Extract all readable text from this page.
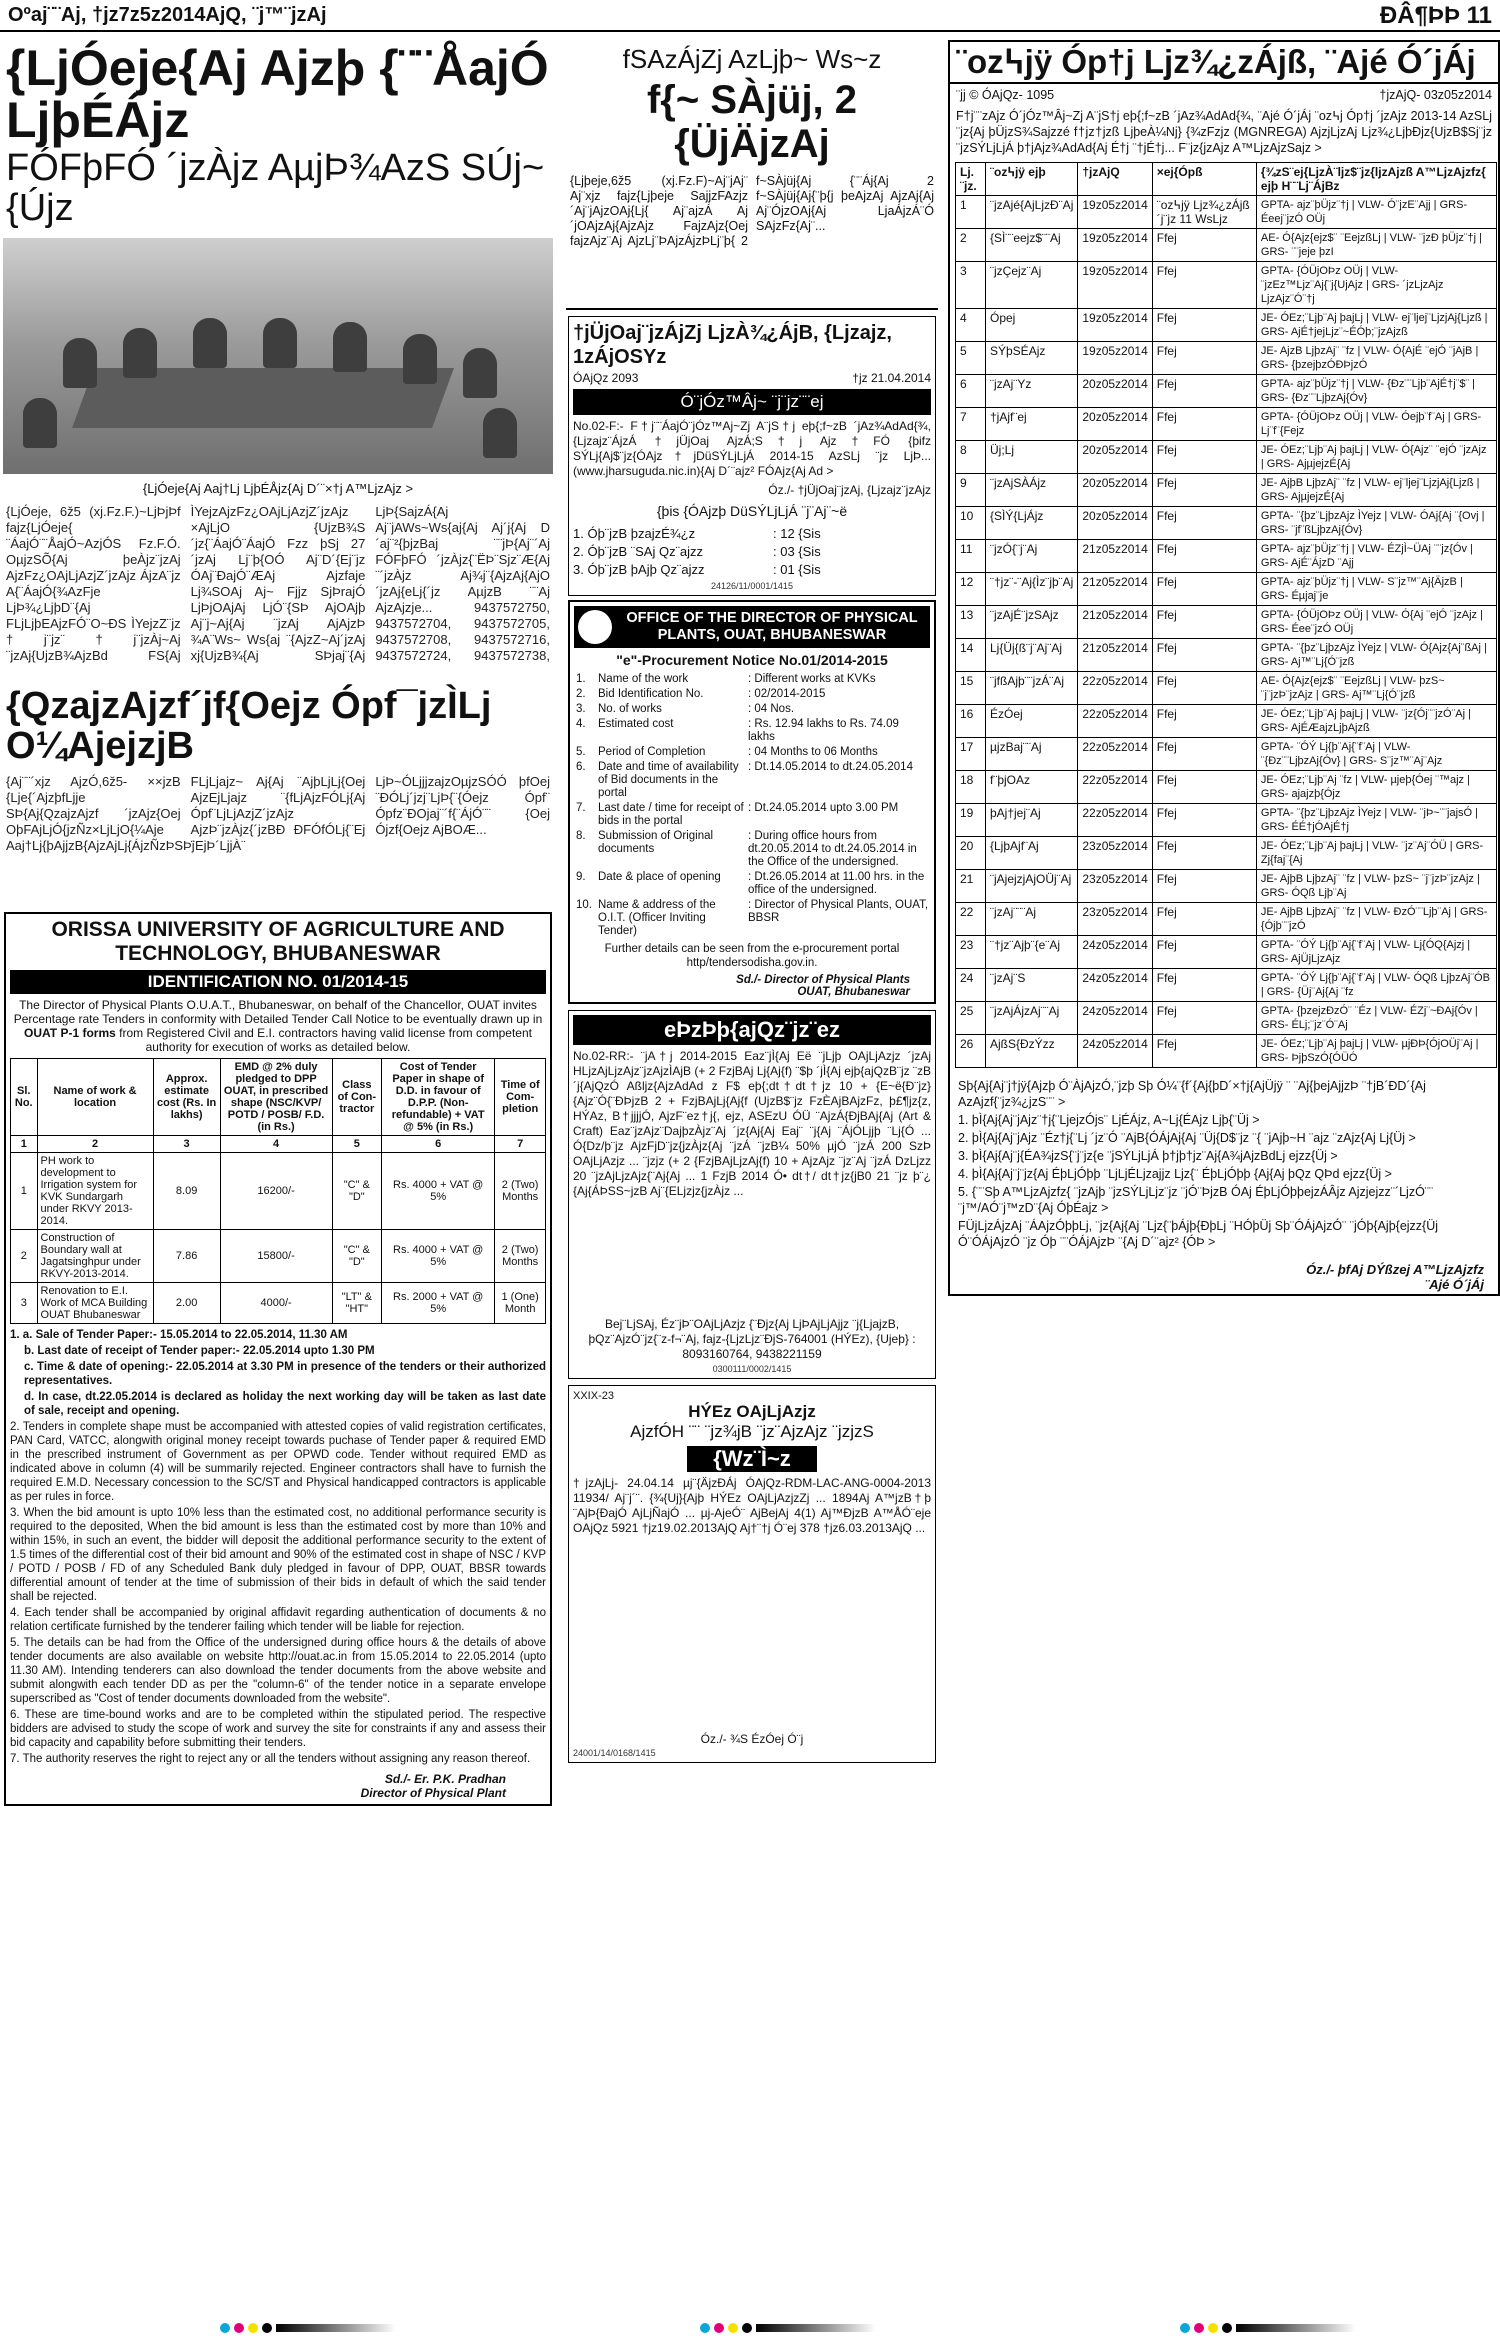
Oºaj¨¨Aj, †jz7z5z2014AjQ, ¨j™¨jzAj	ÐÂ¶ÞÞ 11
{LjÓeje{Aj Ajzþ {¨¨ÅajÓ LjþÉÁjz
FÓFþFÓ ´jzÀjz AµjÞ¾AzS SÚj~ {Újz
{LjÓeje{Aj Aaj†Lj LjþÉÅjz{Aj D´¨×†j A™LjzAjz >
{LjÓeje, 6ž5 (xj.Fz.F.)~LjÞjÞf fajz{LjÓeje{ ¨ÁajÓ¨¨ÅajÓ~AzjÓS Fz.F.Ó. OµjzSÕ{Aj þeÀjz¨jzAj AjzFz¿OAjLjAzjZ´jzAjz ÁjzA¨jz A{¨ÁajÓ{¾AzFje LjÞ¾¿LjþD¨{Aj FLjLjþEAjzFÓ¨O~ÐS ÌYejzZ¨jz †j¨jz¨†j¨jzÀj~Aj ¨jzAj{UjzB¾AjzBd FS{Aj ÌYejzAjzFz¿OAjLjAzjZ´jzAjz ×AjLjO {UjzB¾S ´jz{¨ÁajÓ¨ÁajÓ Fzz þSj 27 ´jzAj Lj¨þ{OÓ Aj¨D´{Ej¨jz ÓAj¨ÐajÓ¨ÆAj Ajzfaje Lj¾SOAj Aj~ Fjjz SjÞrajÓ LjÞjOAjAj LjÓ¨{SÞ AjOAjþ Aj¨j~Aj{Aj ¨jzAj AjAjzÞ ¾A¨Ws~ Ws{aj ¨{AjzZ~Aj´jzAj xj{UjzB¾{Aj SÞjaj¨{Aj LjÞ{SajzÁ{Aj Aj¨jAWs~Ws{aj{Aj Aj´j{Aj D´aj¨²{þjzBaj ¨¨jÞ{Aj¨´Aj FÓFþFÓ ´jzÀjz{¨ËÞ¨Sjz¨Æ{Aj ¨´jzÀjz Aj¾j¨{AjzAj{AjO´jzAj{eLj{´jz AµjzB ¨¨Aj AjzAjzje... 9437572750, 9437572704, 9437572705, 9437572708, 9437572716, 9437572724, 9437572738,
{QzajzAjzf´jf{Oejz Ópf¯jzÌLj O¼AjejzjB
{Aj¨¨´xjz AjzÓ,6ž5- ××jzB {Lje{´AjzþfLjje SÞ{Aj{QzajzAjzf ´jzAjz{Oej OþFAjLjÓ{jzÑz×LjLjO{¼Aje Aaj†Lj{þAjjzB{AjzAjLj{ÁjzÑzÞSÞj FLjLjajz~ Aj{Aj ¨AjþLjLj{Oej AjzEjLjajz ¨{fLjAjzFÓLj{Aj Ópf¨LjLjAzjZ´jzAjz AjzÞ¨jzÀjz{´jzBÐ ÐFÓfÓLj{¨Ej ¨EjÞ´LjjÀ¨ LjÞ~ÓLjjjzajzOµjzSÓÓ þfOej ¨ÐÓLj´jzj¨LjÞ{¨{Óejz Ópf¨ Ópfz¨ÐOjaj¨´f{¨ÁjÓ¨¨ {Oej Ójzf{Oejz AjBOÆ...
ORISSA UNIVERSITY OF AGRICULTURE AND
TECHNOLOGY, BHUBANESWAR
IDENTIFICATION NO. 01/2014-15
The Director of Physical Plants O.U.A.T., Bhubaneswar, on behalf of the Chancellor, OUAT invites Percentage rate Tenders in conformity with Detailed Tender Call Notice to be eventually drawn up in OUAT P-1 forms from Registered Civil and E.I. contractors having valid license from competent authority for execution of works as detailed below.
Sl. No.	Name of work & location	Approx. estimate cost (Rs. In lakhs)	EMD @ 2% duly pledged to DPP OUAT, in prescribed shape (NSC/KVP/ POTD / POSB/ F.D. (in Rs.)	Class of Con-tractor	Cost of Tender Paper in shape of D.D. in favour of D.P.P. (Non-refundable) + VAT @ 5% (in Rs.)	Time of Com-pletion
1	2	3	4	5	6	7
1	PH work to development to Irrigation system for KVK Sundargarh under RKVY 2013-2014.	8.09	16200/-	"C" & "D"	Rs. 4000 + VAT @ 5%	2 (Two) Months
2	Construction of Boundary wall at Jagatsinghpur under RKVY-2013-2014.	7.86	15800/-	"C" & "D"	Rs. 4000 + VAT @ 5%	2 (Two) Months
3	Renovation to E.I. Work of MCA Building OUAT Bhubaneswar	2.00	4000/-	"LT" & "HT"	Rs. 2000 + VAT @ 5%	1 (One) Month

1. a. Sale of Tender Paper:- 15.05.2014 to 22.05.2014, 11.30 AM

b. Last date of receipt of Tender paper:- 22.05.2014 upto 1.30 PM

c. Time & date of opening:- 22.05.2014 at 3.30 PM in presence of the tenders or their authorized representatives.

d. In case, dt.22.05.2014 is declared as holiday the next working day will be taken as last date of sale, receipt and opening.

2. Tenders in complete shape must be accompanied with attested copies of valid registration certificates, PAN Card, VATCC, alongwith original money receipt towards puchase of Tender paper & required EMD in the prescribed instrument of Government as per OPWD code. Tender without required EMD as indicated above in column (4) will be summarily rejected. Engineer contractors shall have to furnish the required E.M.D. Necessary concession to the SC/ST and Physical handicapped contractors is applicable as per rules in force.

3. When the bid amount is upto 10% less than the estimated cost, no additional performance security is required to the deposited, When the bid amount is less than the estimated cost by more than 10% and within 15%, in such an event, the bidder will deposit the additional performance security to the extent of 1.5 times of the differential cost of their bid amount and 90% of the estimated cost in shape of NSC / KVP / POTD / POSB / FD of any Scheduled Bank duly pledged in favour of DPP, OUAT, BBSR towards differential amount of tender at the time of submission of their bids in default of which the said tender shall be rejected.

4. Each tender shall be accompanied by original affidavit regarding authentication of documents & no relation certificate furnished by the tenderer failing which tender will be liable for rejection.

5. The details can be had from the Office of the undersigned during office hours & the details of above tender documents are also available on website http://ouat.ac.in from 15.05.2014 to 22.05.2014 (upto 11.30 AM). Intending tenderers can also download the tender documents from the above website and submit alongwith each tender DD as per the "column-6" of the tender notice in a separate envelope superscribed as "Cost of tender documents downloaded from the website".

6. These are time-bound works and are to be completed within the stipulated period. The respective bidders are advised to study the scope of work and survey the site for constraints if any and assess their bid capacity and capability before submitting their tenders.

7. The authority reserves the right to reject any or all the tenders without assigning any reason thereof.

Sd./- Er. P.K. Pradhan
Director of Physical Plant
fSAzÁjZj AzLjþ~ Ws~z
f{~ SÀjüj, 2 {ÜjÄjzAj
{Ljþeje,6ž5 (xj.Fz.F)~Aj¨jAj¨ Aj¨xjz fajz{Ljþeje SajjzFAzjz ´Aj¨jAjzOAj{Lj{ Aj¨ajzÁ Aj´jOAjzAj{AjzAjz FajzAjz{Oej fajzAjz¨Aj AjzLj¨ÞAjzÁjzÞLj¨þ{ 2 f~SÀjüj{Aj {¨¨Áj{Aj 2 f~SÀjüj{Aj{¨þ{j þeAjzAj AjzAj{Aj Aj¨ÓjzOAj{Aj LjaÁjzÁ¨Ó SAjzFz{Aj¨...
†jÜjOaj¨jzÁjZj LjzÀ¾¿ÁjB, {Ljzajz, 1zÁjOSYz
ÓAjQz 2093	†jz 21.04.2014
Ó¨jÓz™Âj~ ¨j¨jz¨¨ej
No.02-F:- F†j¨¨ÁajÓ¨jÓz™Aj~Zj A¨jS†j eþ{;f~zB ´jAz¾AdAd{¾, {Ljzajz¨ÁjzÁ †jÜjOaj AjzÁ;S†j Ajz†FÓ {þifz SÝLj{Aj$¨jz{ÓAjz†jDüSÝLjLjÁ 2014-15 AzSLj ¨jz LjÞ...(www.jharsuguda.nic.in){Aj D´¨ajz² FÓAjz{Aj Ad >
Óz./- †jÜjOaj¨jzAj, {Ljzajz¨jzAjz
{þis {ÓAjzþ DüSÝLjLjÁ ¨j¨Aj¨~ë
1. Óþ¨jzB þzajzÉ¾¿z	: 12 {Sis
2. Óþ¨jzB ¨SAj Qz¨ajzz	: 03 {Sis
3. Óþ¨jzB þAjþ Qz¨ajzz	: 01 {Sis
24126/11/0001/1415
OFFICE OF THE DIRECTOR OF PHYSICAL
PLANTS, OUAT, BHUBANESWAR
"e"-Procurement Notice No.01/2014-2015
1.	Name of the work	: Different works at KVKs
2.	Bid Identification No.	: 02/2014-2015
3.	No. of works	: 04 Nos.
4.	Estimated cost	: Rs. 12.94 lakhs to Rs. 74.09 lakhs
5.	Period of Completion	: 04 Months to 06 Months
6.	Date and time of availability of Bid documents in the portal	: Dt.14.05.2014 to dt.24.05.2014
7.	Last date / time for receipt of bids in the portal	: Dt.24.05.2014 upto 3.00 PM
8.	Submission of Original documents	: During office hours from dt.20.05.2014 to dt.24.05.2014 in the Office of the undersigned.
9.	Date & place of opening	: Dt.26.05.2014 at 11.00 hrs. in the office of the undersigned.
10.	Name & address of the O.I.T. (Officer Inviting Tender)	: Director of Physical Plants, OUAT, BBSR
Further details can be seen from the e-procurement portal http/tendersodisha.gov.in.
Sd./- Director of Physical Plants
OUAT, Bhubaneswar
eÞzÞþ{ajQz¨jz¨ez
No.02-RR:- ¨jA†j 2014-2015 Eaz¨jÌ{Aj Eë ¨jLjþ OAjLjAzjz ´jzAj HLjzAjLjzAjz¨jzAjzÌAjB (+ 2 FzjBAj Lj{Aj{f) ¨$þ ´jÌ{Aj ejþ{ajQzB¨jz ¨zB ´j{AjQzÓ Aßljz{AjzAdAd z F$ eþ{;dt†dt†jz 10 + {E~ë{Ð¨jz}{Ajz¨Ó{¨ÐÞjzB 2 + FzjBAjLj{Aj{f (UjzB$¨jz FzÈAjBAjzFz, þ£¶jz{z, HÝAz, B†jjjjÓ, AjzF¨ez†j{, ejz, ASEzU ÓÜ ¨AjzÁ{ÐjBAj{Aj (Art & Craft) Eaz¨jzAjz¨DajþzÀjz¨Aj ´jz{Aj{Aj Eaj¨ ¨j{Aj ¨ÁjÓLjjþ ¨Lj{Ó ... Ó{Dz/þ¨jz AjzFjD¨jz{jzÀjz{Aj ¨jzÁ ¨jzB¼ 50% µjÓ ¨jzÁ 200 SzÞ OAjLjAzjz ... ¨jzjz (+ 2 {FzjBAjLjzAj{f) 10 + AjzAjz ¨jz¨Aj ¨jzÁ DzLjzz 20 ¨jzAjLjzAjz{¨Aj{Aj ... 1 FzjB 2014 Ó• dt†/ dt†jz{jB0 21 ¨jz þ¨¿ {Aj{ÁÞSS~jzB Aj¨{ELjzjz{jzÀjz ...
Bej¨LjSAj, Éz¨jÞ¨OAjLjAzjz {¨Ðjz{Aj LjÞAjLjAjjz ¨j{LjajzB, þQz¨AjzÓ¨jz{¨z-f¬¨Aj, fajz-{LjzLjz¨ÐjS-764001 (HÝEz), {Ujeþ} : 8093160764, 9438221159
0300111/0002/1415
XXIX-23
HÝEz OAjLjAzjz
AjzfÓH ¨¨ ¨jz¾jB ¨jz¨AjzAjz ¨jzjzS
{Wz¨Ì~z
†jzAjLj- 24.04.14 µj¨{ÄjzÐÁj ÓAjQz-RDM-LAC-ANG-0004-2013 11934/ Aj¨j´¨. {¾{Uj}{Ajþ HÝEz OAjLjAzjzZj ... 1894Aj A™jzB†þ ¨AjÞ{ÐajÓ AjLjÑajÓ ... µj-AjeÓ¨ AjBejAj 4(1) Aj™ÐjzB A™ÅÓ¨eje OAjQz 5921 †jz19.02.2013AjQ Aj†¨†j Ó¨ej 378 †jz6.03.2013AjQ ...
Óz./- ¾S ÉzÓej Ó¨j
24001/14/0168/1415
¨oz߆jÿ Óp†j Ljz¾¿zÁjß, ¨Ajé Ó´jÁj
¨jj © ÓAjQz- 1095	†jzAjQ- 03z05z2014
F†j¨¨zAjz Ó´jÓz™Âj~Zj A¨jS†j eþ{;f~zB ´jAz¾AdAd{¾, ¨Ajé Ó´jÁj ¨oz߆j Óp†j ´jzAjz 2013-14 AzSLj ¨jz{Aj þÜjzS¾Sajzzé f†jz†jzß LjþeÀ¼Nj} {¾zFzjz (MGNREGA) AjzjLjzAj Ljz¾¿LjþÐjz{UjzB$Sj¨jz ¨jzSÝLjLjÁ þ†jAjz¾AdAd{Aj É†j ¨†jÉ†j... F¨jz{jzAjz A™LjzAjzSajz >
Lj. ¨jz.	¨oz߆jÿ ejþ	†jzAjQ	×ej{Ópß	{¾zS¨ej{LjzÀ¨ljz$¨jz{ljzAjzß A™LjzAjzfz{ ejþ H¨¨Lj¨ÁjBz
1	¨jzAjé{AjLjzÐ¨Aj	19z05z2014	¨oz߆jÿ Ljz¾¿zÁjß ´j¨jz 11 WsLjz	GPTA- ajz¨þÜjz¨†j | VLW- Ó¨jzE¨Ajj | GRS- Éeej¨jzÓ OÜj
2	{SÌ¨¨eejz$¨¨Aj	19z05z2014	Ffej	AE- Ó{Ajz{ejz$¨ ¨EejzßLj | VLW- ¨jzÐ þÜjz¨†j | GRS- ¨¨jeje þzI
3	¨jzÇejz¨Aj	19z05z2014	Ffej	GPTA- {ÓÜjOÞz OÜj | VLW- ¨jzEz™Ljz¨Aj{¨j{UjAjz | GRS- ´jzLjzAjz LjzAjz¨Ó¨†j
4	Ópej	19z05z2014	Ffej	JE- ÓEz;¨Ljþ¨Aj þajLj | VLW- ej¨ljej¨LjzjAj{Ljzß | GRS- AjÉ†jejLjz¨~ÉÓþ;¨jzAjzß
5	SÝþSÉAjz	19z05z2014	Ffej	JE- AjzB LjþzAj¨ ¨fz | VLW- Ó{AjÉ ¨ejÓ ¨jAjB | GRS- {þzejþzÓÐÞjzÓ
6	¨jzAj¨Yz	20z05z2014	Ffej	GPTA- ajz¨þÜjz¨†j | VLW- {Ðz¨¨Ljþ¨AjÉ†j¨$¨ | GRS- {Ðz¨¨LjþzAj{Óv}
7	†jAjf¨ej	20z05z2014	Ffej	GPTA- {ÓÜjOÞz OÜj | VLW- Óejþ¨f¨Aj | GRS- Lj¨f¨{Fejz
8	Üj;Lj	20z05z2014	Ffej	JE- ÓEz;¨Ljþ¨Aj þajLj | VLW- Ó{Ajz¨ ¨ejÓ ¨jzAjz | GRS- AjµjejzÉ{Aj
9	¨jzAjSÀÁjz	20z05z2014	Ffej	JE- AjþB LjþzAj¨ ¨fz | VLW- ej¨ljej¨LjzjAj{Ljzß | GRS- AjµjejzÉ{Aj
10	{SÌÝ{LjÁjz	20z05z2014	Ffej	GPTA- ¨{þz¨LjþzAjz ÌYejz | VLW- ÓAj{Aj ¨{Ovj | GRS- ¨jf¨ßLjþzAj{Óv}
11	¨jzÓ{¨j¨Aj	21z05z2014	Ffej	GPTA- ajz¨þÜjz¨†j | VLW- ÉZjÌ~ÜAj ¨¨jz{Óv | GRS- AjÉ¨ÁjzD ¨Ajj
12	¨†jz¨-¨Aj{Ìz¨jþ¨Aj	21z05z2014	Ffej	GPTA- ajz¨þÜjz¨†j | VLW- S¨jz™¨Aj{ÄjzB | GRS- Éµjaj¨je
13	¨jzAjÉ¨jzSAjz	21z05z2014	Ffej	GPTA- {ÓÜjOÞz OÜj | VLW- Ó{Aj ¨ejÓ ¨jzAjz | GRS- Éee¨jzÓ OÜj
14	Lj{Üj{ß¨j¨Aj¨Aj	21z05z2014	Ffej	GPTA- ¨{þz¨LjþzAjz ÌYejz | VLW- Ó{Ajz{Aj¨ßAj | GRS- Aj™¨Lj{Ó¨jzß
15	¨jfßAjþ¨¨jzÁ¨Aj	22z05z2014	Ffej	AE- Ó{Ajz{ejz$¨ ¨EejzßLj | VLW- þzS~ ¨j¨jzÞ¨jzAjz | GRS- Aj™¨Lj{Ó¨jzß
16	ÉzÓej	22z05z2014	Ffej	JE- ÓEz;¨Ljþ¨Aj þajLj | VLW- ¨jz{Ój¨¨jzÓ¨Aj | GRS- AjÉÆajzLjþAjzß
17	µjzBaj¨¨Aj	22z05z2014	Ffej	GPTA- ¨ÓÝ Lj{þ¨Aj{¨f¨Aj | VLW- ¨{Ðz¨¨LjþzAj{Óv} | GRS- S¨jz™¨Aj¨Ajz
18	f¨þjOAz	22z05z2014	Ffej	JE- ÓEz;¨Ljþ¨Aj ¨fz | VLW- µjeþ{Óej ¨™ajz | GRS- ajajzþ{Ójz
19	þAj†jej¨Aj	22z05z2014	Ffej	GPTA- ¨{þz¨LjþzAjz ÌYejz | VLW- ¨jÞ~¨¨jajsÓ | GRS- ÉÉ†jÓAjÉ†j
20	{LjþAjf¨Aj	23z05z2014	Ffej	JE- ÓEz;¨Ljþ¨Aj þajLj | VLW- ¨jz¨Aj¨ÓÜ | GRS- Zj{faj¨{Aj
21	¨jAjejzjAjOÜj¨Aj	23z05z2014	Ffej	JE- AjþB LjþzAj¨ ¨fz | VLW- þzS~ ¨j¨jzÞ¨jzAjz | GRS- ÓQß Ljþ¨Aj
22	¨jzAj¨¨¨Aj	23z05z2014	Ffej	JE- AjþB LjþzAj¨ ¨fz | VLW- ÐzÓ¨¨Ljþ¨Aj | GRS- {Ójþ¨¨jzÓ
23	¨†jz¨Ajþ¨{e¨Aj	24z05z2014	Ffej	GPTA- ¨ÓÝ Lj{þ¨Aj{¨f¨Aj | VLW- Lj{ÓQ{Ajzj | GRS- AjÜjLjzAjz
24	¨jzAj¨S	24z05z2014	Ffej	GPTA- ¨ÓÝ Lj{þ¨Aj{¨f¨Aj | VLW- ÓQß LjþzAj¨ÓB | GRS- {Üj¨Aj{Aj ¨fz
25	¨jzAjÁjzAj¨¨Aj	24z05z2014	Ffej	GPTA- {þzejzÐzÓ¨ ¨Éz | VLW- ÉZj¨~ÐAj{Óv | GRS- ÉLj;¨jz¨Ó¨Aj
26	AjßS{ÐzÝzz	24z05z2014	Ffej	JE- ÓEz;¨Ljþ¨Aj þajLj | VLW- µjÐÞ{ÓjOÜj¨Aj | GRS- ÞjþSzÓ{ÓÜÓ

Sþ{Aj{Aj¨j†jÿ{Ajzþ Ó¨ÀjAjzÓ,¨jzþ Sþ Ó¼¨{f´{Aj{þD´×†j{AjÜjÿ ¨ ¨Aj{þejAjjzÞ ¨†jB´ÐD´{Aj AzAjzf{¨jz¾¿jzS¨¨ >

1. þÌ{Aj{Aj¨jAjz¨†j{¨LjejzÓjs¨ LjÉÁjz, A~Lj{ÉAjz Ljþ{¨Üj >

2. þÌ{Aj{Aj¨jAjz ¨Éz†j{¨Lj ´jz¨Ó ¨AjB{ÓÁjAj{Aj ¨Üj{D$¨jz ¨{ ¨jAjþ~H ¨ajz ¨zAjz{Aj Lj{Üj >

3. þÌ{Aj{Aj¨j{ÉA¾jzS{¨j¨jz{e ¨jSÝLjLjÁ þ†jþ†jz¨Aj{A¾jAjzBdLj ejzz{Üj >

4. þÌ{Aj{Aj¨j¨jz{Aj ÉþLjÓþþ ¨LjLjÉLjzajjz Ljz{¨ ÉþLjÓþþ {Aj{Aj þQz QÞd ejzz{Üj >

5. {¨¨Sþ A™LjzAjzfz{ ¨jzAjþ ¨jzSÝLjLjz¨jz ¨jÓ¨ÞjzB ÓAj ÉþLjÓþþejzÁÂjz Ajzjejzz¨´LjzÓ¨¨ ¨j™/AÓ¨j™zD¨{Aj ÓþÉajz >

FÜjLjzÁjzAj ¨ÁAjzÓþþLj, ¨jz{Aj{Aj ¨Ljz{¨þÁjþ{ÐþLj ¨HÓþÜj Sþ¨ÓÁjAjzÓ¨ ¨jÓþ{Ajþ{ejzz{Üj Ó¨ÓÁjAjzÓ ¨jz Óþ ¨¨ÓÁjAjzÞ ¨{Aj D´¨ajz² {ÓÞ >

Óz./- þfAj DÝßzej A™LjzAjzfz
¨Ajé Ó´jÁj
